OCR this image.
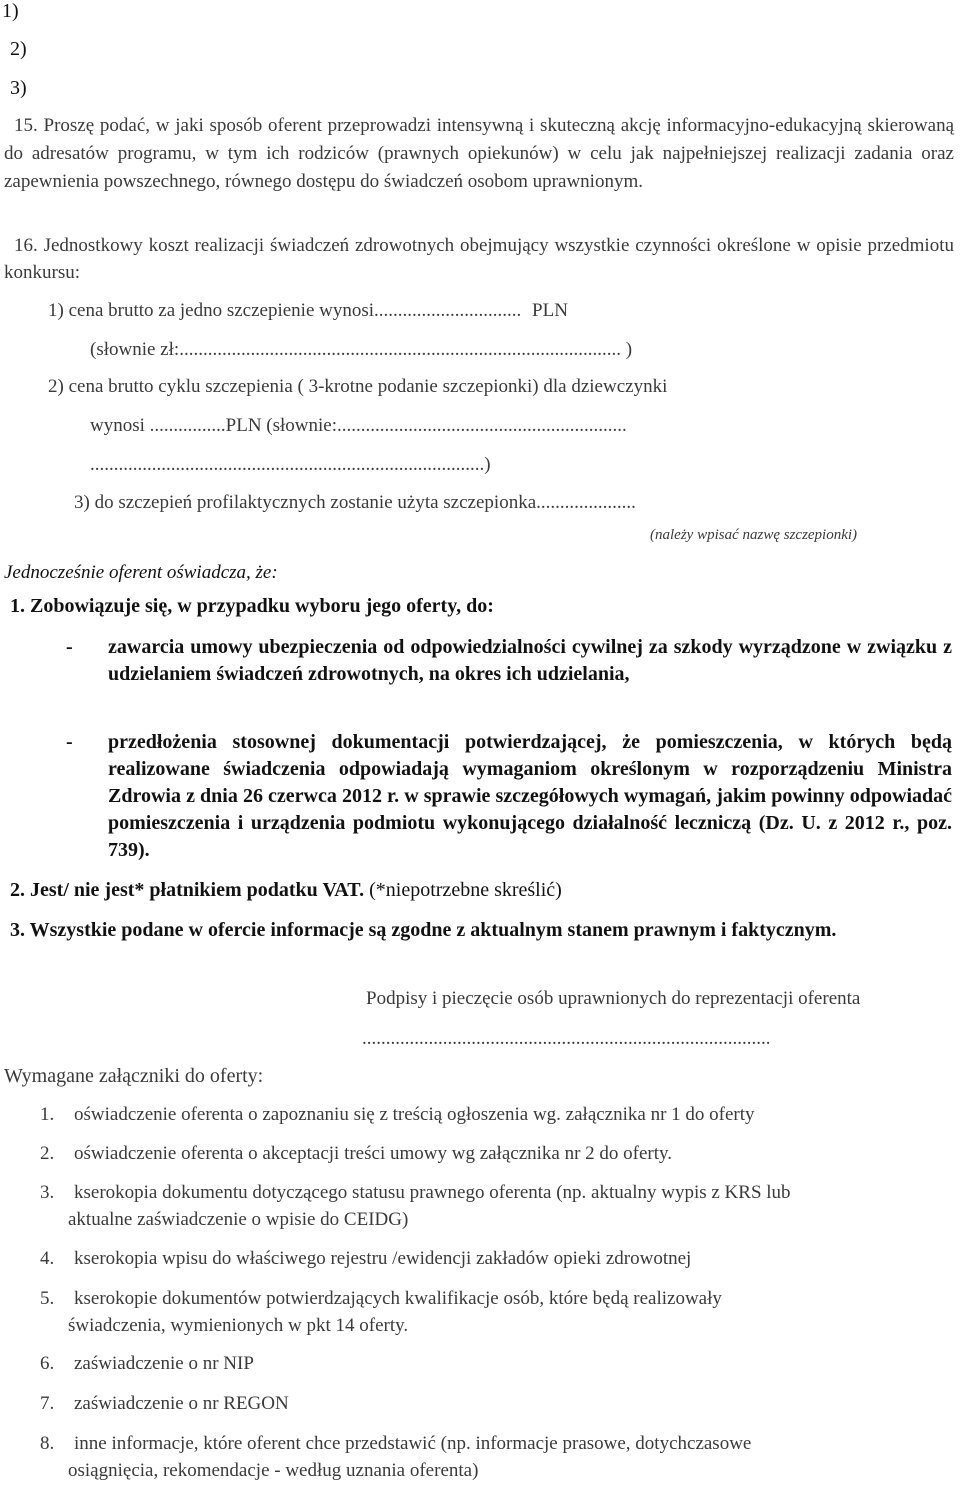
1)
2)
3)
15. Proszę podać, w jaki sposób oferent przeprowadzi intensywną i skuteczną akcję informacyjno-edukacyjną skierowaną do adresatów programu, w tym ich rodziców (prawnych opiekunów) w celu jak najpełniejszej realizacji zadania oraz zapewnienia powszechnego, równego dostępu do świadczeń osobom uprawnionym.
16. Jednostkowy koszt realizacji świadczeń zdrowotnych obejmujący wszystkie czynności określone w opisie przedmiotu konkursu:
1) cena brutto za jedno szczepienie wynosi............................... PLN
(słownie zł:............................................................................................. )
2) cena brutto cyklu szczepienia ( 3-krotne podanie szczepionki) dla dziewczynki
wynosi ................PLN (słownie:.............................................................
...................................................................................)
3) do szczepień profilaktycznych zostanie użyta szczepionka.....................
(należy wpisać nazwę szczepionki)
Jednocześnie oferent oświadcza, że:
1. Zobowiązuje się, w przypadku wyboru jego oferty, do:
- zawarcia umowy ubezpieczenia od odpowiedzialności cywilnej za szkody wyrządzone w związku z udzielaniem świadczeń zdrowotnych, na okres ich udzielania,
- przedłożenia stosownej dokumentacji potwierdzającej, że pomieszczenia, w których będą realizowane świadczenia odpowiadają wymaganiom określonym w rozporządzeniu Ministra Zdrowia z dnia 26 czerwca 2012 r. w sprawie szczegółowych wymagań, jakim powinny odpowiadać pomieszczenia i urządzenia podmiotu wykonującego działalność leczniczą (Dz. U. z 2012 r., poz. 739).
2. Jest/ nie jest* płatnikiem podatku VAT. (*niepotrzebne skreślić)
3. Wszystkie podane w ofercie informacje są zgodne z aktualnym stanem prawnym i faktycznym.
Podpisy i pieczęcie osób uprawnionych do reprezentacji oferenta
......................................................................................
Wymagane załączniki do oferty:
1. oświadczenie oferenta o zapoznaniu się z treścią ogłoszenia wg. załącznika nr 1 do oferty
2. oświadczenie oferenta o akceptacji treści umowy wg załącznika nr 2 do oferty.
3. kserokopia dokumentu dotyczącego statusu prawnego oferenta (np. aktualny wypis z KRS lub
aktualne zaświadczenie o wpisie do CEIDG)
4. kserokopia wpisu do właściwego rejestru /ewidencji zakładów opieki zdrowotnej
5. kserokopie dokumentów potwierdzających kwalifikacje osób, które będą realizowały
świadczenia, wymienionych w pkt 14 oferty.
6. zaświadczenie o nr NIP
7. zaświadczenie o nr REGON
8. inne informacje, które oferent chce przedstawić (np. informacje prasowe, dotychczasowe
osiągnięcia, rekomendacje - według uznania oferenta)
